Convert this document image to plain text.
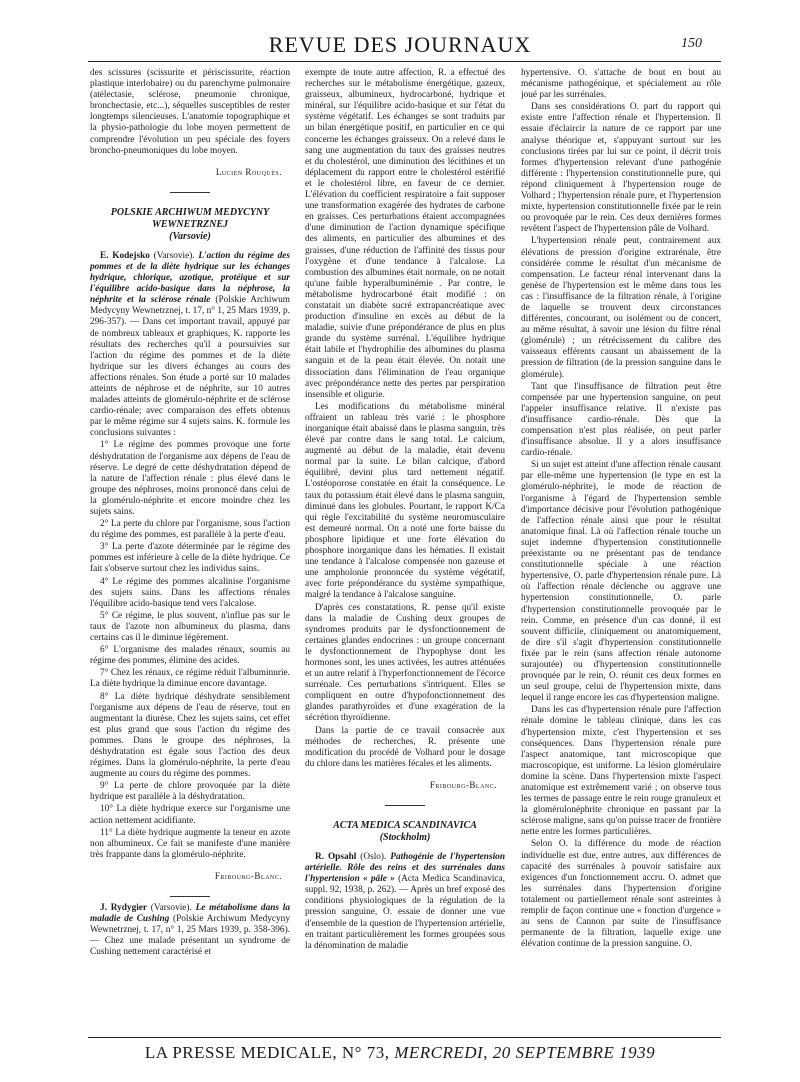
REVUE DES JOURNAUX	150

des scissures (scissurite et périscissurite, réaction plastique interlobaire) ou du parenchyme pulmonaire (atélectasie, sclérose, pneumonie chronique, bronchectasie, etc...), séquelles susceptibles de rester longtemps silencieuses. L'anatomie topographique et la physio-pathologie du lobe moyen permettent de comprendre l'évolution un peu spéciale des foyers broncho-pneumoniques du lobe moyen.

Lucien Rouquès.
POLSKIE ARCHIWUM MEDYCYNY WEWNETRZNEJ
(Varsovie)

E. Kodejsko (Varsovie). L'action du régime des pommes et de la diète hydrique sur les échanges hydrique, chlorique, azotique, protéique et sur l'équilibre acido-basique dans la néphrose, la néphrite et la sclérose rénale (Polskie Archiwum Medycyny Wewnetrznej, t. 17, n° 1, 25 Mars 1939, p. 296-357). — Dans cet important travail, appuyé par de nombreux tableaux et graphiques, K. rapporte les résultats des recherches qu'il a poursuivies sur l'action du régime des pommes et de la diète hydrique sur les divers échanges au cours des affections rénales. Son étude a porté sur 10 malades atteints de néphrose et de néphrite, sur 10 autres malades atteints de glomérulo-néphrite et de sclérose cardio-rénale; avec comparaison des effets obtenus par le même régime sur 4 sujets sains. K. formule les conclusions suivantes :

1° Le régime des pommes provoque une forte déshydratation de l'organisme aux dépens de l'eau de réserve. Le degré de cette déshydratation dépend de la nature de l'affection rénale : plus élevé dans le groupe des néphroses, moins prononcé dans celui de la glomérulo-néphrite et encore moindre chez les sujets sains.

2° La perte du chlore par l'organisme, sous l'action du régime des pommes, est parallèle à la perte d'eau.

3° La perte d'azote déterminée par le régime des pommes est inférieure à celle de la diète hydrique. Ce fait s'observe surtout chez les individus sains.

4° Le régime des pommes alcalinise l'organisme des sujets sains. Dans les affections rénales l'équilibre acido-basique tend vers l'alcalose.

5° Ce régime, le plus souvent, n'influe pas sur le taux de l'azote non albumineux du plasma, dans certains cas il le diminue légèrement.

6° L'organisme des malades rénaux, soumis au régime des pommes, élimine des acides.

7° Chez les rénaux, ce régime réduit l'albuminurie. La diète hydrique la diminue encore davantage.

8° La diète hydrique déshydrate sensiblement l'organisme aux dépens de l'eau de réserve, tout en augmentant la diurèse. Chez les sujets sains, cet effet est plus grand que sous l'action du régime des pommes. Dans le groupe des néphroses, la déshydratation est égale sous l'action des deux régimes. Dans la glomérulo-néphrite, la perte d'eau augmente au cours du régime des pommes.

9° La perte de chlore provoquée par la diète hydrique est parallèle à la déshydratation.

10° La diète hydrique exerce sur l'organisme une action nettement acidifiante.

11° La diète hydrique augmente la teneur en azote non albumineux. Ce fait se manifeste d'une manière très frappante dans la glomérulo-néphrite.

Fribourg-Blanc.

J. Rydygier (Varsovie). Le métabolisme dans la maladie de Cushing (Polskie Archiwum Medycyny Wewnetrznej, t. 17, n° 1, 25 Mars 1939, p. 358-396). — Chez une malade présentant un syndrome de Cushing nettement caractérisé et

exempte de toute autre affection, R. a effectué des recherches sur le métabolisme énergétique, gazeux, graisseux, albumineux, hydrocarboné, hydrique et minéral, sur l'équilibre acido-basique et sur l'état du système végétatif. Les échanges se sont traduits par un bilan énergétique positif, en particulier en ce qui concerne les échanges graisseux. On a relevé dans le sang une augmentation du taux des graisses neutres et du cholestérol, une diminution des lécithines et un déplacement du rapport entre le cholestérol estérifié et le cholestérol libre, en faveur de ce dernier. L'élévation du coefficient respiratoire a fait supposer une transformation exagérée des hydrates de carbone en graisses. Ces perturbations étaient accompagnées d'une diminution de l'action dynamique spécifique des aliments, en particulier des albumines et des graisses, d'une réduction de l'affinité des tissus pour l'oxygène et d'une tendance à l'alcalose. La combustion des albumines était normale, on ne notait qu'une faible hyperalbuminémie . Par contre, le métabolisme hydrocarboné était modifié : on constatait un diabète sucré extrapancréatique avec production d'insuline en excès au début de la maladie, suivie d'une prépondérance de plus en plus grande du système surrénal. L'équilibre hydrique était labile et l'hydrophilie des albumines du plasma sanguin et de la peau était élevée. On notait une dissociation dans l'élimination de l'eau organique avec prépondérance nette des pertes par perspiration insensible et oligurie.

Les modifications du métabolisme minéral offraient un tableau très varié : le phosphore inorganique était abaissé dans le plasma sanguin, très élevé par contre dans le sang total. Le calcium, augmenté au début de la maladie, était devenu normal par la suite. Le bilan calcique, d'abord équilibré, devint plus tard nettement négatif. L'ostéoporose constatée en était la conséquence. Le taux du potassium était élevé dans le plasma sanguin, diminué dans les globules. Pourtant, le rapport K/Ca qui règle l'excitabilité du système neuromusculaire est demeuré normal. On a noté une forte baisse du phosphore lipidique et une forte élévation du phosphore inorganique dans les hématies. Il existait une tendance à l'alcalose compensée non gazeuse et une ampholonie prononcée du système végétatif, avec forte prépondérance du système sympathique, malgré la tendance à l'alcalose sanguine.

D'après ces constatations, R. pense qu'il existe dans la maladie de Cushing deux groupes de syndromes produits par le dysfonctionnement de certaines glandes endocrines : un groupe concernant le dysfonctionnement de l'hypophyse dont les hormones sont, les unes activées, les autres atténuées et un autre relatif à l'hyperfonctionnement de l'écorce surrénale. Ces perturbations s'intriquent. Elles se compliquent en outre d'hypofonctionnement des glandes parathyroïdes et d'une exagération de la sécrétion thyroïdienne.

Dans la partie de ce travail consacrée aux méthodes de recherches, R. présente une modification du procédé de Volhard pour le dosage du chlore dans les matières fécales et les aliments.

Fribourg-Blanc.
ACTA MEDICA SCANDINAVICA
(Stockholm)

R. Opsahl (Oslo). Pathogénie de l'hypertension artérielle. Rôle des reins et des surrénales dans l'hypertension « pâle » (Acta Medica Scandinavica, suppl. 92, 1938, p. 262). — Après un bref exposé des conditions physiologiques de la régulation de la pression sanguine, O. essaie de donner une vue d'ensemble de la question de l'hypertension artérielle, en traitant particulièrement les formes groupées sous la dénomination de maladie

hypertensive. O. s'attache de bout en bout au mécanisme pathogénique, et spécialement au rôle joué par les surrénales.

Dans ses considérations O. part du rapport qui existe entre l'affection rénale et l'hypertension. Il essaie d'éclaircir la nature de ce rapport par une analyse théorique et, s'appuyant surtout sur les conclusions tirées par lui sur ce point, il décrit trois formes d'hypertension relevant d'une pathogénie différente : l'hypertension constitutionnelle pure, qui répond cliniquement à l'hypertension rouge de Volhard ; l'hypertension rénale pure, et l'hypertension mixte, hypertension constitutionnelle fixée par le rein ou provoquée par le rein. Ces deux dernières formes revêtent l'aspect de l'hypertension pâle de Volhard.

L'hypertension rénale peut, contrairement aux élévations de pression d'origine extrarénale, être considérée comme le résultat d'un mécanisme de compensation. Le facteur rénal intervenant dans la genèse de l'hypertension est le même dans tous les cas : l'insuffisance de la filtration rénale, à l'origine de laquelle se trouvent deux circonstances différentes, concourant, ou isolément ou de concert, au même résultat, à savoir une lésion du filtre rénal (glomérule) ; un rétrécissement du calibre des vaisseaux efférents causant un abaissement de la pression de filtration (de la pression sanguine dans le glomérule).

Tant que l'insuffisance de filtration peut être compensée par une hypertension sanguine, on peut l'appeler insuffisance relative. Il n'existe pas d'insuffisance cardio-rénale. Dès que la compensation n'est plus réalisée, on peut parler d'insuffisance absolue. Il y a alors insuffisance cardio-rénale.

Si un sujet est atteint d'une affection rénale causant par elle-même une hypertension (le type en est la glomérulo-néphrite), le mode de réaction de l'organisme à l'égard de l'hypertension semble d'importance décisive pour l'évolution pathogénique de l'affection rénale ainsi que pour le résultat anatomique final. Là où l'affection rénale touche un sujet indemne d'hypertension constitutionnelle préexistante ou ne présentant pas de tendance constitutionnelle spéciale à une réaction hypertensive, O. parle d'hypertension rénale pure. Là où l'affection rénale déclenche ou aggrave une hypertension constitutionnelle, O. parle d'hypertension constitutionnelle provoquée par le rein. Comme, en présence d'un cas donné, il est souvent difficile, cliniquement ou anatomiquement, de dire s'il s'agit d'hypertension constitutionnelle fixée par le rein (sans affection rénale autonome surajoutée) ou d'hypertension constitutionnelle provoquée par le rein, O. réunit ces deux formes en un seul groupe, celui de l'hypertension mixte, dans lequel il range encore les cas d'hypertension maligne.

Dans les cas d'hypertension rénale pure l'affection rénale domine le tableau clinique, dans les cas d'hypertension mixte, c'est l'hypertension et ses conséquences. Dans l'hypertension rénale pure l'aspect anatomique, tant microscopique que macroscopique, est uniforme. La lésion glomérulaire domine la scène. Dans l'hypertension mixte l'aspect anatomique est extrêmement varié ; on observe tous les termes de passage entre le rein rouge granuleux et la glomérulonéphrite chronique en passant par la sclérose maligne, sans qu'on puisse tracer de frontière nette entre les formes particulières.

Selon O. la différence du mode de réaction individuelle est due, entre autres, aux différences de capacité des surrénales à pouvoir satisfaire aux exigences d'un fonctionnement accru. O. admet que les surrénales dans l'hypertension d'origine totalement ou partiellement rénale sont astreintes à remplir de façon continue une « fonction d'urgence » au sens de Cannon par suite de l'insuffisance permanente de la filtration, laquelle exige une élévation continue de la pression sanguine. O.

LA PRESSE MEDICALE, N° 73, MERCREDI, 20 SEPTEMBRE 1939
